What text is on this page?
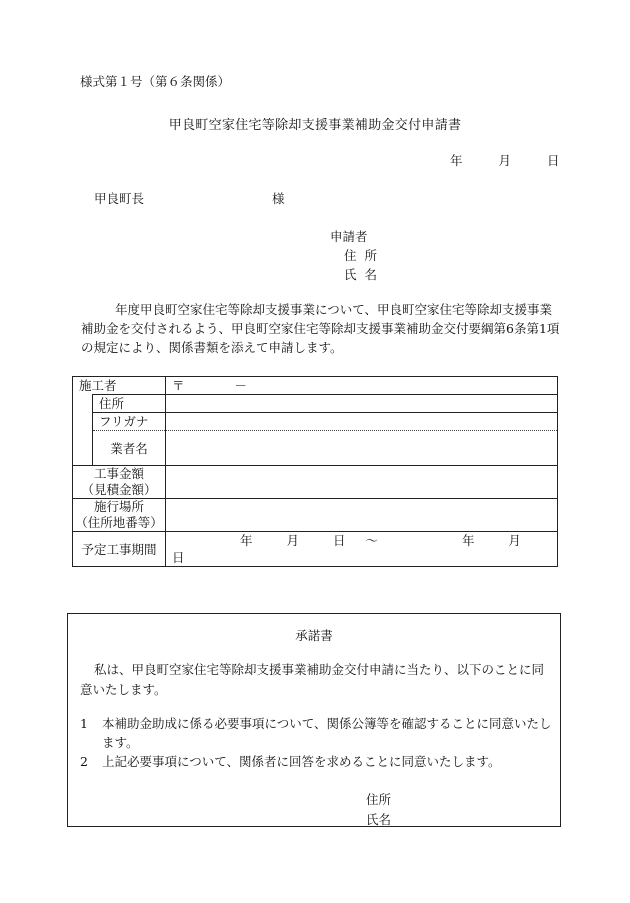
様式第１号（第６条関係）
甲良町空家住宅等除却支援事業補助金交付申請書
年	月	日
甲良町長	様
申請者
住所
氏名

年度甲良町空家住宅等除却支援事業について、甲良町空家住宅等除却支援事業補助金を交付されるよう、甲良町空家住宅等除却支援事業補助金交付要綱第6条第1項の規定により、関係書類を添えて申請します。

施工者		〒 －
	住所	
	フリガナ	
	業者名	

工事金額
（見積金額）		

施行場所
（住所地番等）		

予定工事期間		年 月 日 ～ 年 月  日
承諾書

私は、甲良町空家住宅等除却支援事業補助金交付申請に当たり、以下のことに同意いたします。

1	本補助金助成に係る必要事項について、関係公簿等を確認することに同意いたします。
2	上記必要事項について、関係者に回答を求めることに同意いたします。
住所
氏名
